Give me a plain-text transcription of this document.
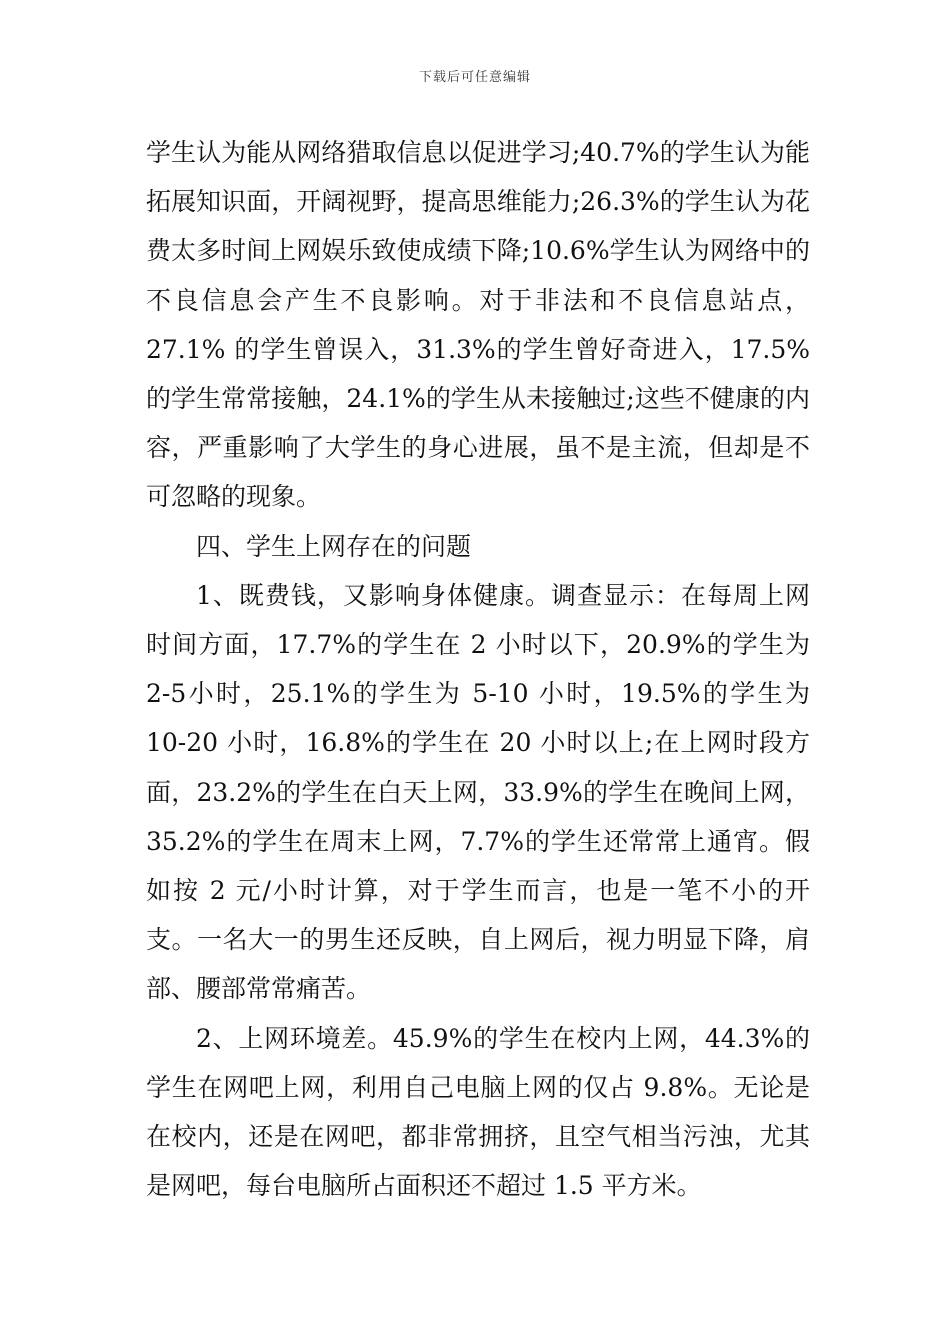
下载后可任意编辑

学生认为能从网络猎取信息以促进学习;40.7%的学生认为能拓展知识面，开阔视野，提高思维能力;26.3%的学生认为花费太多时间上网娱乐致使成绩下降;10.6%学生认为网络中的不良信息会产生不良影响。对于非法和不良信息站点， 27.1% 的学生曾误入，31.3%的学生曾好奇进入，17.5%的学生常常接触，24.1%的学生从未接触过;这些不健康的内容，严重影响了大学生的身心进展，虽不是主流，但却是不可忽略的现象。

四、学生上网存在的问题

1、既费钱，又影响身体健康。调查显示：在每周上网时间方面，17.7%的学生在 2 小时以下，20.9%的学生为 2-5小时，25.1%的学生为 5-10 小时，19.5%的学生为 10-20 小时，16.8%的学生在 20 小时以上;在上网时段方面，23.2%的学生在白天上网，33.9%的学生在晚间上网，35.2%的学生在周末上网，7.7%的学生还常常上通宵。假如按 2 元/小时计算，对于学生而言，也是一笔不小的开支。一名大一的男生还反映，自上网后，视力明显下降，肩部、腰部常常痛苦。

2、上网环境差。45.9%的学生在校内上网，44.3%的学生在网吧上网，利用自己电脑上网的仅占 9.8%。无论是在校内，还是在网吧，都非常拥挤，且空气相当污浊，尤其是网吧，每台电脑所占面积还不超过 1.5 平方米。
